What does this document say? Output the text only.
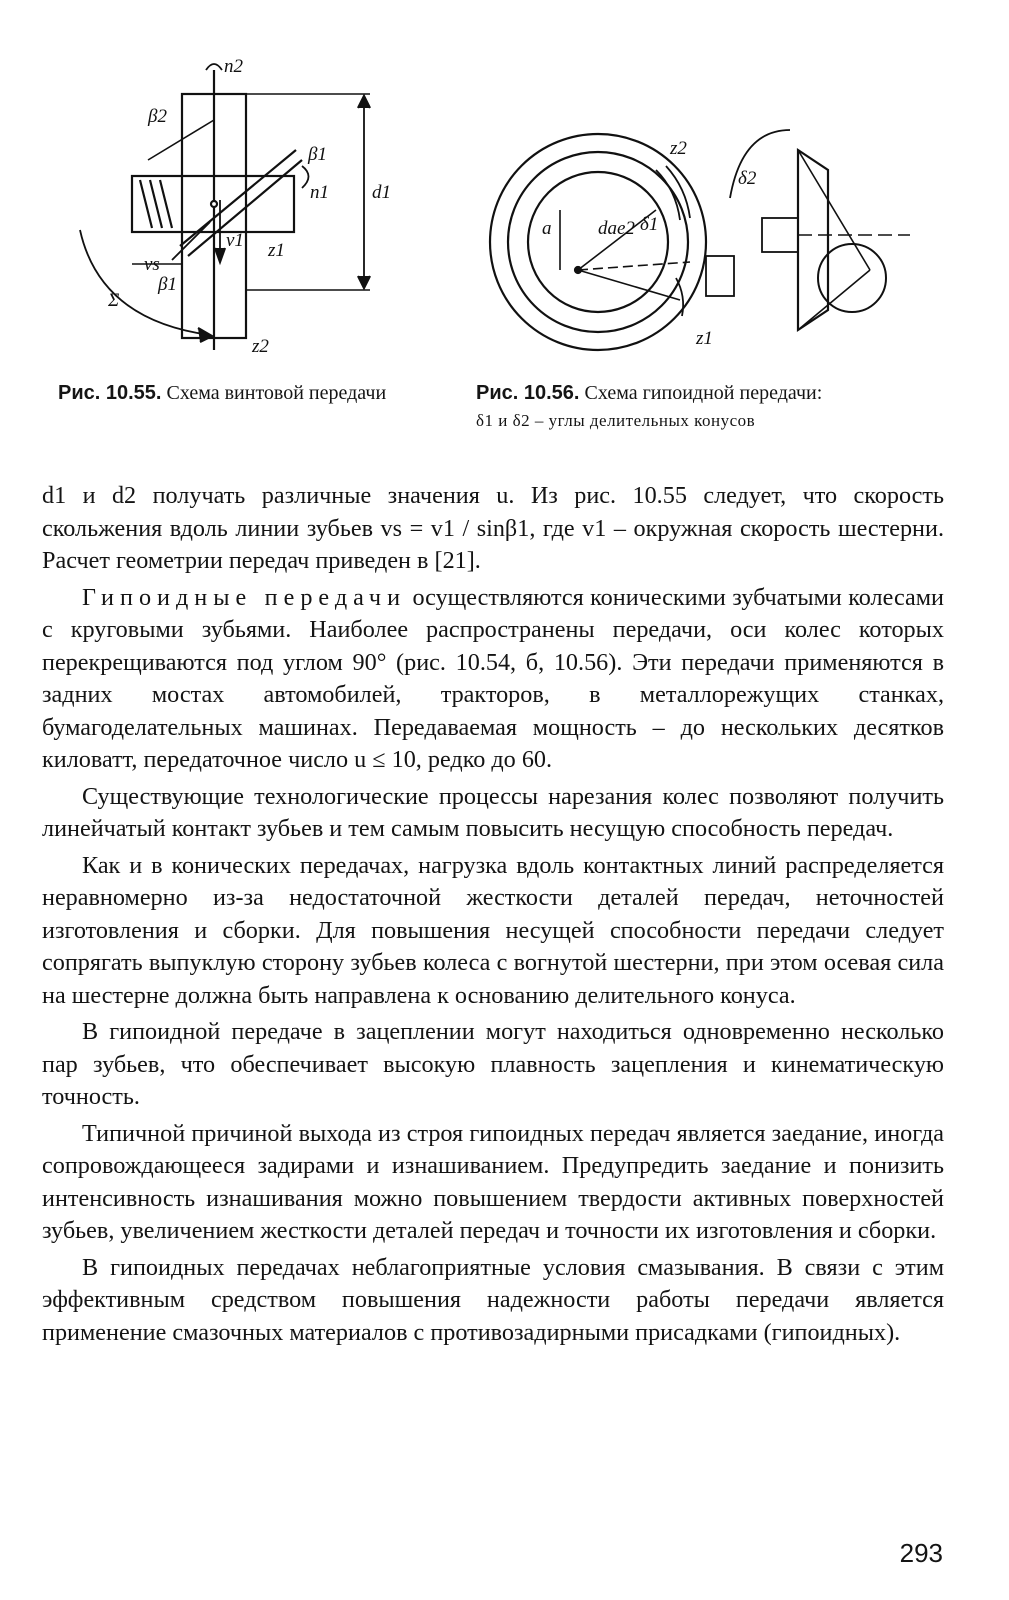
n2
β2
β1
n1 d1
v1 z1
vs
β1
Σ
z2
Рис. 10.55. Схема винтовой передачи
z2
δ2
a dae2 δ1
z1
Рис. 10.56. Схема гипоидной передачи:
δ1 и δ2 – углы делительных конусов

d1 и d2 получать различные значения u. Из рис. 10.55 следует, что скорость скольжения вдоль линии зубьев vs = v1 / sinβ1, где v1 – окружная скорость шестерни. Расчет геометрии передач приведен в [21].

Гипоидные передачи осуществляются коническими зубчатыми колесами с круговыми зубьями. Наиболее распространены передачи, оси колес которых перекрещиваются под углом 90° (рис. 10.54, б, 10.56). Эти передачи применяются в задних мостах автомобилей, тракторов, в металлорежущих станках, бумагоделательных машинах. Передаваемая мощность – до нескольких десятков киловатт, передаточное число u ≤ 10, редко до 60.

Существующие технологические процессы нарезания колес позволяют получить линейчатый контакт зубьев и тем самым повысить несущую способность передач.

Как и в конических передачах, нагрузка вдоль контактных линий распределяется неравномерно из-за недостаточной жесткости деталей передач, неточностей изготовления и сборки. Для повышения несущей способности передачи следует сопрягать выпуклую сторону зубьев колеса с вогнутой шестерни, при этом осевая сила на шестерне должна быть направлена к основанию делительного конуса.

В гипоидной передаче в зацеплении могут находиться одновременно несколько пар зубьев, что обеспечивает высокую плавность зацепления и кинематическую точность.

Типичной причиной выхода из строя гипоидных передач является заедание, иногда сопровождающееся задирами и изнашиванием. Предупредить заедание и понизить интенсивность изнашивания можно повышением твердости активных поверхностей зубьев, увеличением жесткости деталей передач и точности их изготовления и сборки.

В гипоидных передачах неблагоприятные условия смазывания. В связи с этим эффективным средством повышения надежности работы передачи является применение смазочных материалов с противозадирными присадками (гипоидных).

293
